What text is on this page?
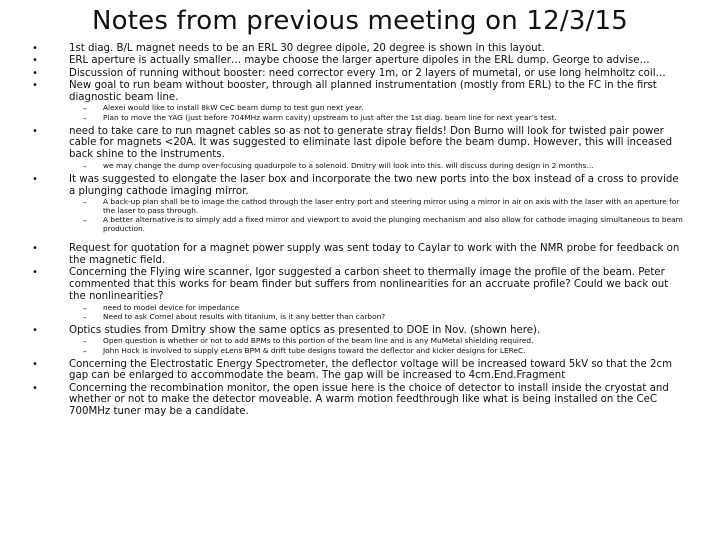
Notes from previous meeting on 12/3/15
•	1st diag. B/L magnet needs to be an ERL 30 degree dipole, 20 degree is shown in this layout.
•	ERL aperture is actually smaller… maybe choose the larger aperture dipoles in the ERL dump. George to advise…
•	Discussion of running without booster: need corrector every 1m, or 2 layers of mumetal, or use long helmholtz coil…
•	New goal to run beam without booster, through all planned instrumentation (mostly from ERL) to the FC in the first diagnostic beam line.
– Alexei would like to install 8kW CeC beam dump to test gun next year.
– Plan to move the YAG (just before 704MHz warm cavity) upstream to just after the 1st diag. beam line for next year’s test.
•	need to take care to run magnet cables so as not to generate stray fields! Don Burno will look for twisted pair power cable for magnets <20A. It was suggested to eliminate last dipole before the beam dump. However, this will inceased back shine to the instruments.
– we may change the dump over-focusing quadurpole to a solenoid. Dmitry will look into this. will discuss during design in 2 months…
•	It was suggested to elongate the laser box and incorporate the two new ports into the box instead of a cross to provide a plunging cathode imaging mirror.
– A back-up plan shall be to image the cathod through the laser entry port and steering mirror using a mirror in air on axis with the laser with an aperture for the laser to pass through.
– A better alternative is to simply add a fixed mirror and viewport to avoid the plunging mechanism and also allow for cathode imaging simultaneous to beam production.
•	Request for quotation for a magnet power supply was sent today to Caylar to work with the NMR probe for feedback on the magnetic field.
•	Concerning the Flying wire scanner, Igor suggested a carbon sheet to thermally image the profile of the beam. Peter commented that this works for beam finder but suffers from nonlinearities for an accruate profile? Could we back out the nonlinearities?
– need to model device for impedance
– Need to ask Cornel about results with titanium, is it any better than carbon?
•	Optics studies from Dmitry show the same optics as presented to DOE in Nov. (shown here).
– Open question is whether or not to add BPMs to this portion of the beam line and is any MuMetal shielding required.
– John Hock is involved to supply eLens BPM & drift tube designs toward the deflector and kicker designs for LEReC.
•	Concerning the Electrostatic Energy Spectrometer, the deflector voltage will be increased toward 5kV so that the 2cm gap can be enlarged to accommodate the beam. The gap will be increased to 4cm.End.Fragment
•	Concerning the recombination monitor, the open issue here is the choice of detector to install inside the cryostat and whether or not to make the detector moveable. A warm motion feedthrough like what is being installed on the CeC 700MHz tuner may be a candidate.
